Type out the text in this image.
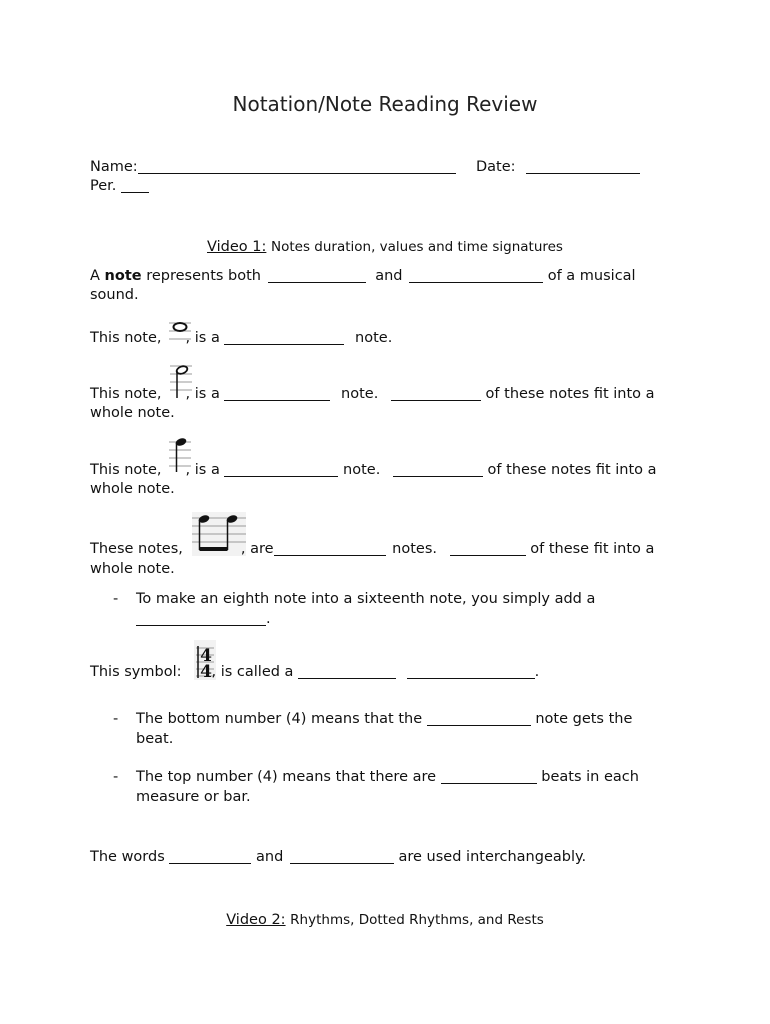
Notation/Note Reading Review
Name:	Date:
Per.
Video 1: Notes duration, values and time signatures
A note represents both	and	of a musical
sound.
This note, , is a	note.
This note, , is a	note.	of these notes fit into a
whole note.
This note, , is a	note.	of these notes fit into a
whole note.
These notes,	, are	notes.	of these fit into a
whole note.
- To make an eighth note into a sixteenth note, you simply add a
.
4
4
This symbol: , is called a	.
- The bottom number (4) means that the	note gets the
beat.
- The top number (4) means that there are	beats in each
measure or bar.
The words	and	are used interchangeably.
Video 2: Rhythms, Dotted Rhythms, and Rests
